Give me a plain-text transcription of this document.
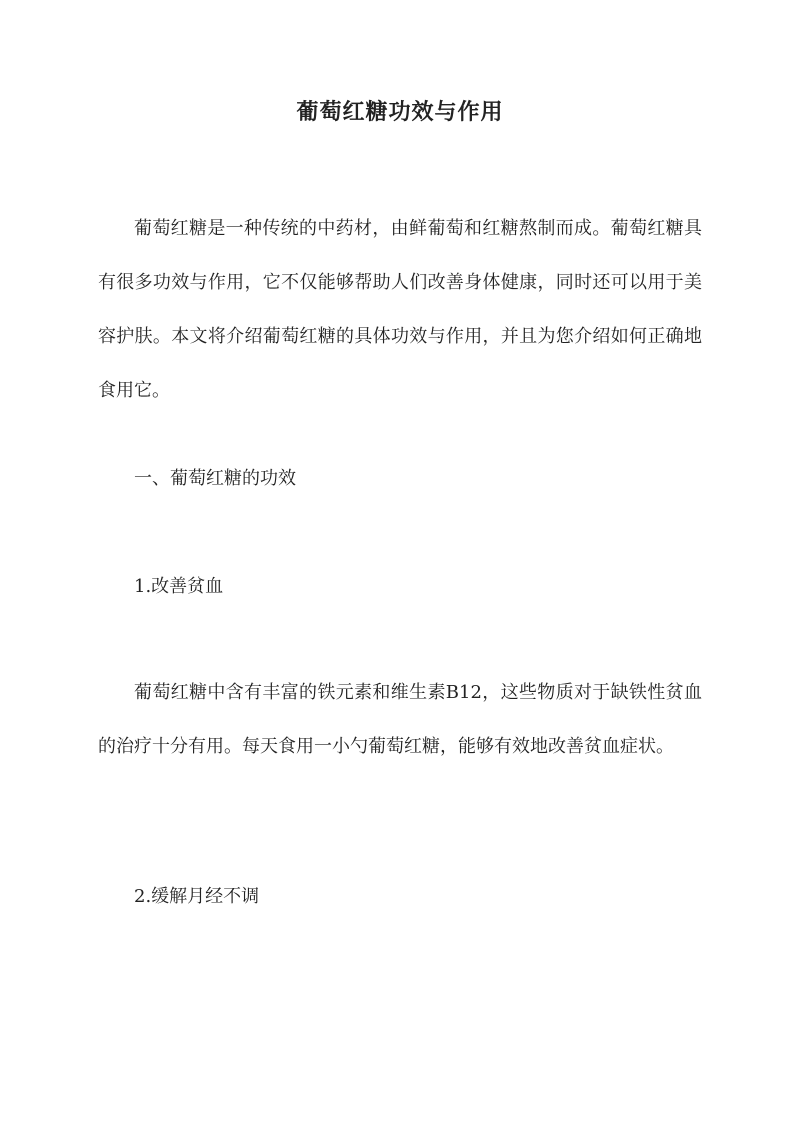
葡萄红糖功效与作用

葡萄红糖是一种传统的中药材，由鲜葡萄和红糖熬制而成。葡萄红糖具有很多功效与作用，它不仅能够帮助人们改善身体健康，同时还可以用于美容护肤。本文将介绍葡萄红糖的具体功效与作用，并且为您介绍如何正确地食用它。

一、葡萄红糖的功效
1.改善贫血

葡萄红糖中含有丰富的铁元素和维生素B12，这些物质对于缺铁性贫血的治疗十分有用。每天食用一小勺葡萄红糖，能够有效地改善贫血症状。

2.缓解月经不调
